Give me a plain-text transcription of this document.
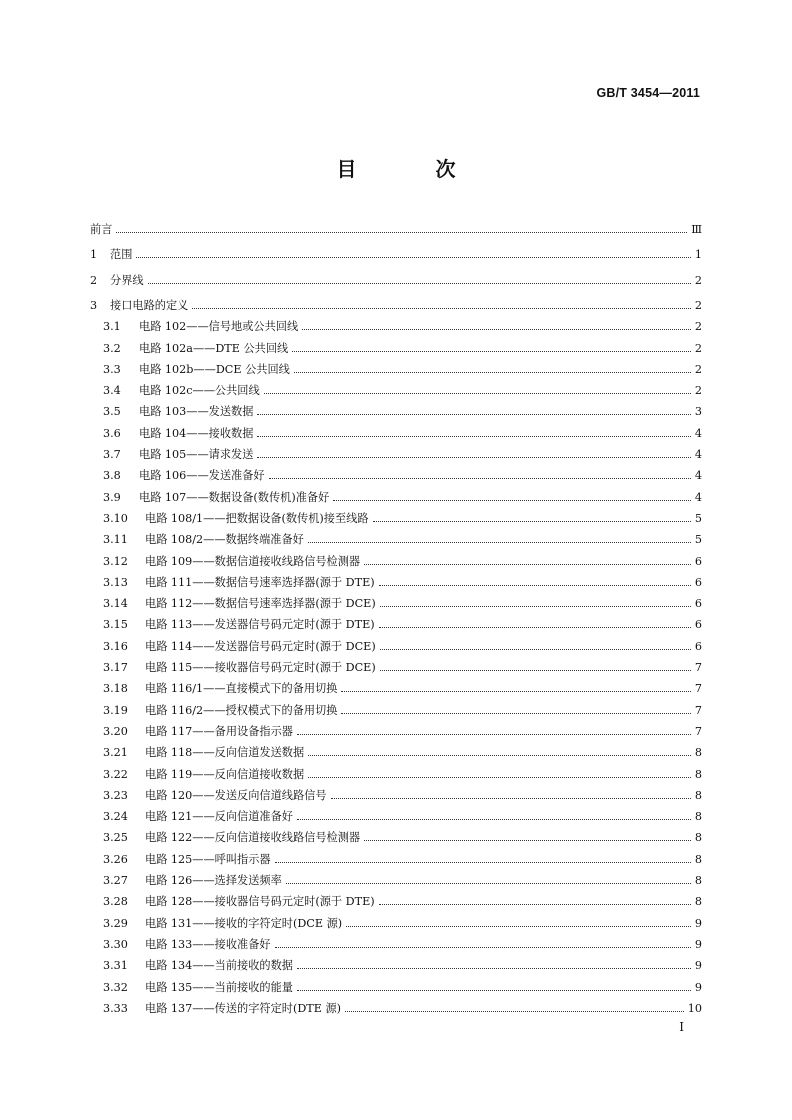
GB/T 3454—2011
目 次
前言	Ⅲ
1	范围	1
2	分界线	2
3	接口电路的定义	2
3.1	电路 102——信号地或公共回线	2
3.2	电路 102a——DTE 公共回线	2
3.3	电路 102b——DCE 公共回线	2
3.4	电路 102c——公共回线	2
3.5	电路 103——发送数据	3
3.6	电路 104——接收数据	4
3.7	电路 105——请求发送	4
3.8	电路 106——发送准备好	4
3.9	电路 107——数据设备(数传机)准备好	4
3.10	电路 108/1——把数据设备(数传机)接至线路	5
3.11	电路 108/2——数据终端准备好	5
3.12	电路 109——数据信道接收线路信号检测器	6
3.13	电路 111——数据信号速率选择器(源于 DTE)	6
3.14	电路 112——数据信号速率选择器(源于 DCE)	6
3.15	电路 113——发送器信号码元定时(源于 DTE)	6
3.16	电路 114——发送器信号码元定时(源于 DCE)	6
3.17	电路 115——接收器信号码元定时(源于 DCE)	7
3.18	电路 116/1——直接模式下的备用切换	7
3.19	电路 116/2——授权模式下的备用切换	7
3.20	电路 117——备用设备指示器	7
3.21	电路 118——反向信道发送数据	8
3.22	电路 119——反向信道接收数据	8
3.23	电路 120——发送反向信道线路信号	8
3.24	电路 121——反向信道准备好	8
3.25	电路 122——反向信道接收线路信号检测器	8
3.26	电路 125——呼叫指示器	8
3.27	电路 126——选择发送频率	8
3.28	电路 128——接收器信号码元定时(源于 DTE)	8
3.29	电路 131——接收的字符定时(DCE 源)	9
3.30	电路 133——接收准备好	9
3.31	电路 134——当前接收的数据	9
3.32	电路 135——当前接收的能量	9
3.33	电路 137——传送的字符定时(DTE 源)	10
I
